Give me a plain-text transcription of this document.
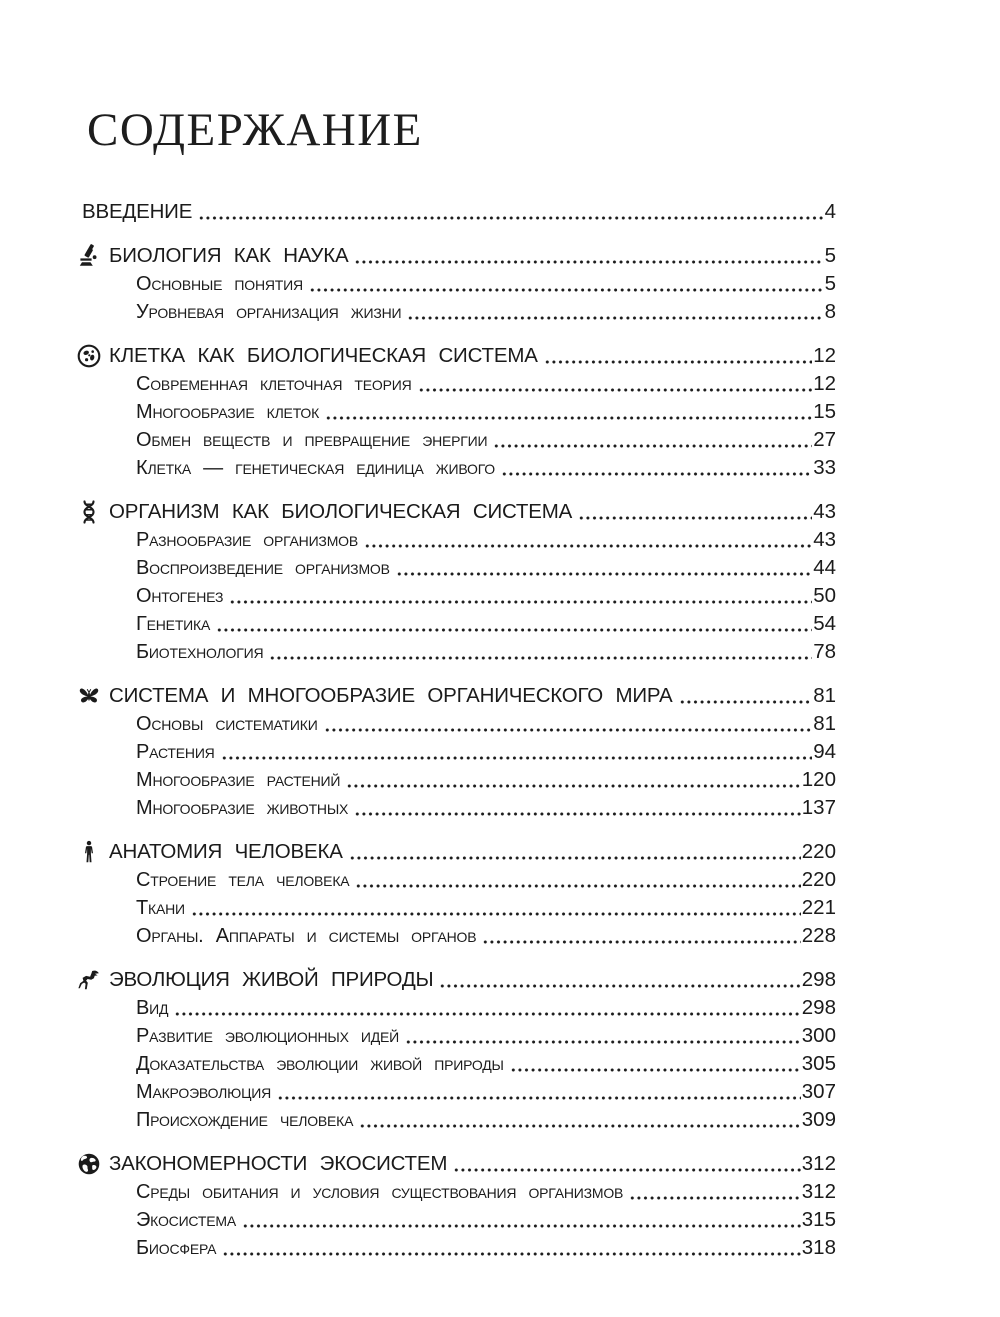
СОДЕРЖАНИЕ
ВВЕДЕНИЕ	4
БИОЛОГИЯ КАК НАУКА	5
Основные понятия	5
Уровневая организация жизни	8
КЛЕТКА КАК БИОЛОГИЧЕСКАЯ СИСТЕМА	12
Современная клеточная теория	12
Многообразие клеток	15
Обмен веществ и превращение энергии	27
Клетка — генетическая единица живого	33
ОРГАНИЗМ КАК БИОЛОГИЧЕСКАЯ СИСТЕМА	43
Разнообразие организмов	43
Воспроизведение организмов	44
Онтогенез	50
Генетика	54
Биотехнология	78
СИСТЕМА И МНОГООБРАЗИЕ ОРГАНИЧЕСКОГО МИРА	81
Основы систематики	81
Растения	94
Многообразие растений	120
Многообразие животных	137
АНАТОМИЯ ЧЕЛОВЕКА	220
Строение тела человека	220
Ткани	221
Органы. Аппараты и системы органов	228
ЭВОЛЮЦИЯ ЖИВОЙ ПРИРОДЫ	298
Вид	298
Развитие эволюционных идей	300
Доказательства эволюции живой природы	305
Макроэволюция	307
Происхождение человека	309
ЗАКОНОМЕРНОСТИ ЭКОСИСТЕМ	312
Среды обитания и условия существования организмов	312
Экосистема	315
Биосфера	318
